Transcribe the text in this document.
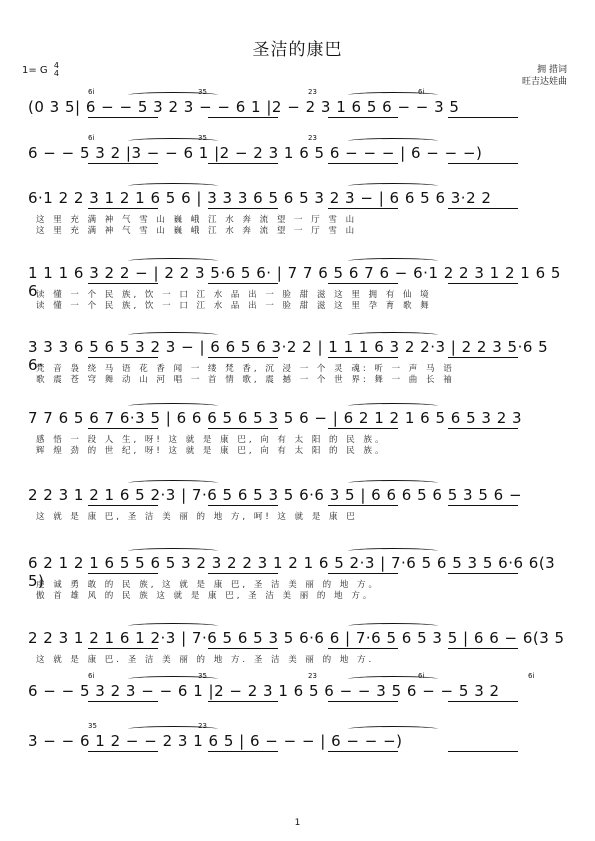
圣洁的康巴
拥 措词
旺吉达娃曲
1= G 4
4
(0 3 5| 6 − − 5 3 2 3 − − 6 1 |2 − 2 3 1 6 5 6 − − 3 5
6i	35	23	6i
6 − − 5 3 2 |3 − − 6 1 |2 − 2 3 1 6 5 6 − − − | 6 − − −)
6i	35	23
6·1 2 2 3 1 2 1 6 5 6 | 3 3 3 6 5 6 5 3 2 3 − | 6 6 5 6 3·2 2
这 里 充 满 神 气 雪 山 巍 峨 江 水 奔 流 望 一 厅 雪 山
这 里 充 满 神 气 雪 山 巍 峨 江 水 奔 流 望 一 厅 雪 山
1 1 1 6 3 2 2 − | 2 2 3 5·6 5 6· | 7 7 6 5 6 7 6 − 6·1 2 2 3 1 2 1 6 5 6
读 懂 一 个 民 族, 饮 一 口 江 水 品 出 一 脸 甜 滋 这 里 拥 有 仙 境
读 懂 一 个 民 族, 饮 一 口 江 水 品 出 一 脸 甜 滋 这 里 孕 育 歌 舞
3 3 3 6 5 6 5 3 2 3 − | 6 6 5 6 3·2 2 | 1 1 1 6 3 2 2·3 | 2 2 3 5·6 5 6·
梵 音 袅 绕 马 语 花 香 闻 一 缕 梵 香, 沉 浸 一 个 灵 魂: 听 一 声 马 语
歌 震 苍 穹 舞 动 山 河 唱 一 首 情 歌, 震 撼 一 个 世 界: 舞 一 曲 长 袖
7 7 6 5 6 7 6·3 5 | 6 6 6 5 6 5 3 5 6 − | 6 2 1 2 1 6 5 6 5 3 2 3
感 悟 一 段 人 生, 呀! 这 就 是 康 巴, 向 有 太 阳 的 民 族。
辉 煌 劲 的 世 纪, 呀! 这 就 是 康 巴, 向 有 太 阳 的 民 族。
2 2 3 1 2 1 6 5 2·3 | 7·6 5 6 5 3 5 6·6 3 5 | 6 6 6 5 6 5 3 5 6 −
这 就 是 康 巴, 圣 洁 美 丽 的 地 方, 呵! 这 就 是 康 巴
6 2 1 2 1 6 5 5 6 5 3 2 3 2 2 3 1 2 1 6 5 2·3 | 7·6 5 6 5 3 5 6·6 6(3 5)
虔 诚 勇 敢 的 民 族, 这 就 是 康 巴, 圣 洁 美 丽 的 地 方。
傲 首 雄 风 的 民 族 这 就 是 康 巴, 圣 洁 美 丽 的 地 方。
2 2 3 1 2 1 6 1 2·3 | 7·6 5 6 5 3 5 6·6 6 | 7·6 5 6 5 3 5 | 6 6 − 6(3 5
这 就 是 康 巴. 圣 洁 美 丽 的 地 方. 圣 洁 美 丽 的 地 方.
6 − − 5 3 2 3 − − 6 1 |2 − 2 3 1 6 5 6 − − 3 5 6 − − 5 3 2
6i	35	23	6i	6i
3 − − 6 1 2 − − 2 3 1 6 5 | 6 − − − | 6 − − −)
35	23
1
